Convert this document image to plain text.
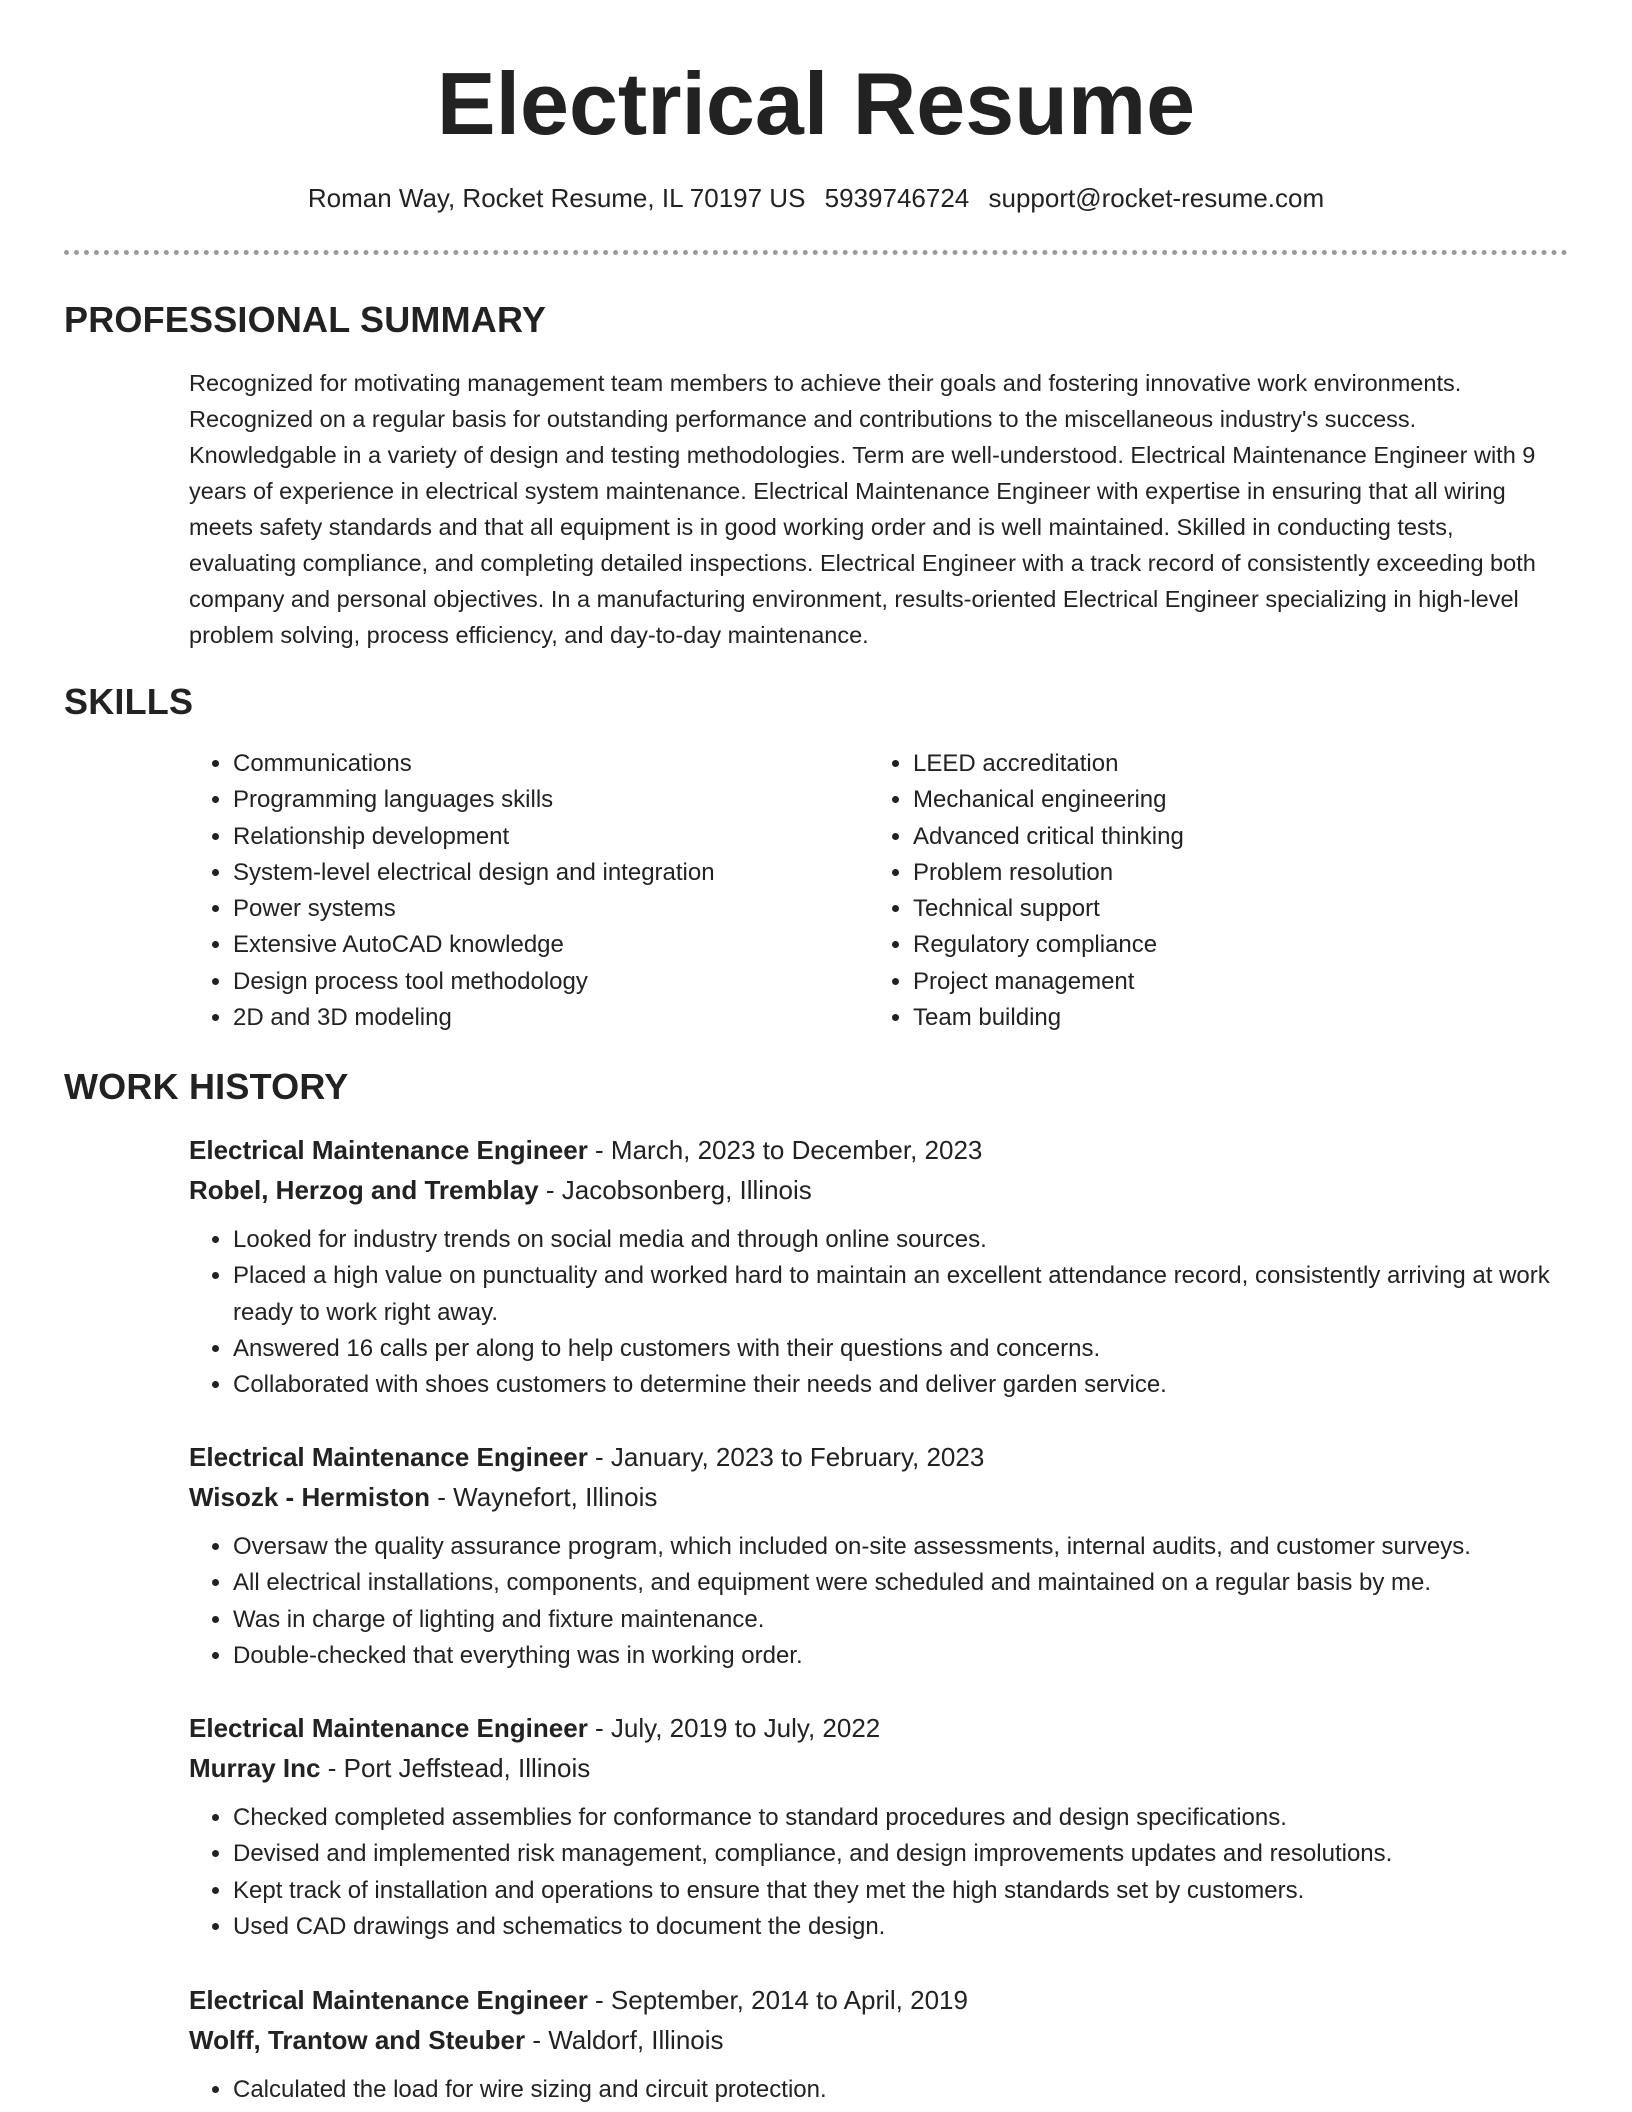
Electrical Resume
Roman Way, Rocket Resume, IL 70197 US 5939746724 support@rocket-resume.com
PROFESSIONAL SUMMARY

Recognized for motivating management team members to achieve their goals and fostering innovative work environments. Recognized on a regular basis for outstanding performance and contributions to the miscellaneous industry's success. Knowledgable in a variety of design and testing methodologies. Term are well-understood. Electrical Maintenance Engineer with 9 years of experience in electrical system maintenance. Electrical Maintenance Engineer with expertise in ensuring that all wiring meets safety standards and that all equipment is in good working order and is well maintained. Skilled in conducting tests, evaluating compliance, and completing detailed inspections. Electrical Engineer with a track record of consistently exceeding both company and personal objectives. In a manufacturing environment, results-oriented Electrical Engineer specializing in high-level problem solving, process efficiency, and day-to-day maintenance.

SKILLS
• Communications
• Programming languages skills
• Relationship development
• System-level electrical design and integration
• Power systems
• Extensive AutoCAD knowledge
• Design process tool methodology
• 2D and 3D modeling
• LEED accreditation
• Mechanical engineering
• Advanced critical thinking
• Problem resolution
• Technical support
• Regulatory compliance
• Project management
• Team building
WORK HISTORY

Electrical Maintenance Engineer - March, 2023 to December, 2023

Robel, Herzog and Tremblay - Jacobsonberg, Illinois

• Looked for industry trends on social media and through online sources.
• Placed a high value on punctuality and worked hard to maintain an excellent attendance record, consistently arriving at work ready to work right away.
• Answered 16 calls per along to help customers with their questions and concerns.
• Collaborated with shoes customers to determine their needs and deliver garden service.

Electrical Maintenance Engineer - January, 2023 to February, 2023

Wisozk - Hermiston - Waynefort, Illinois

• Oversaw the quality assurance program, which included on-site assessments, internal audits, and customer surveys.
• All electrical installations, components, and equipment were scheduled and maintained on a regular basis by me.
• Was in charge of lighting and fixture maintenance.
• Double-checked that everything was in working order.

Electrical Maintenance Engineer - July, 2019 to July, 2022

Murray Inc - Port Jeffstead, Illinois

• Checked completed assemblies for conformance to standard procedures and design specifications.
• Devised and implemented risk management, compliance, and design improvements updates and resolutions.
• Kept track of installation and operations to ensure that they met the high standards set by customers.
• Used CAD drawings and schematics to document the design.

Electrical Maintenance Engineer - September, 2014 to April, 2019

Wolff, Trantow and Steuber - Waldorf, Illinois

• Calculated the load for wire sizing and circuit protection.
